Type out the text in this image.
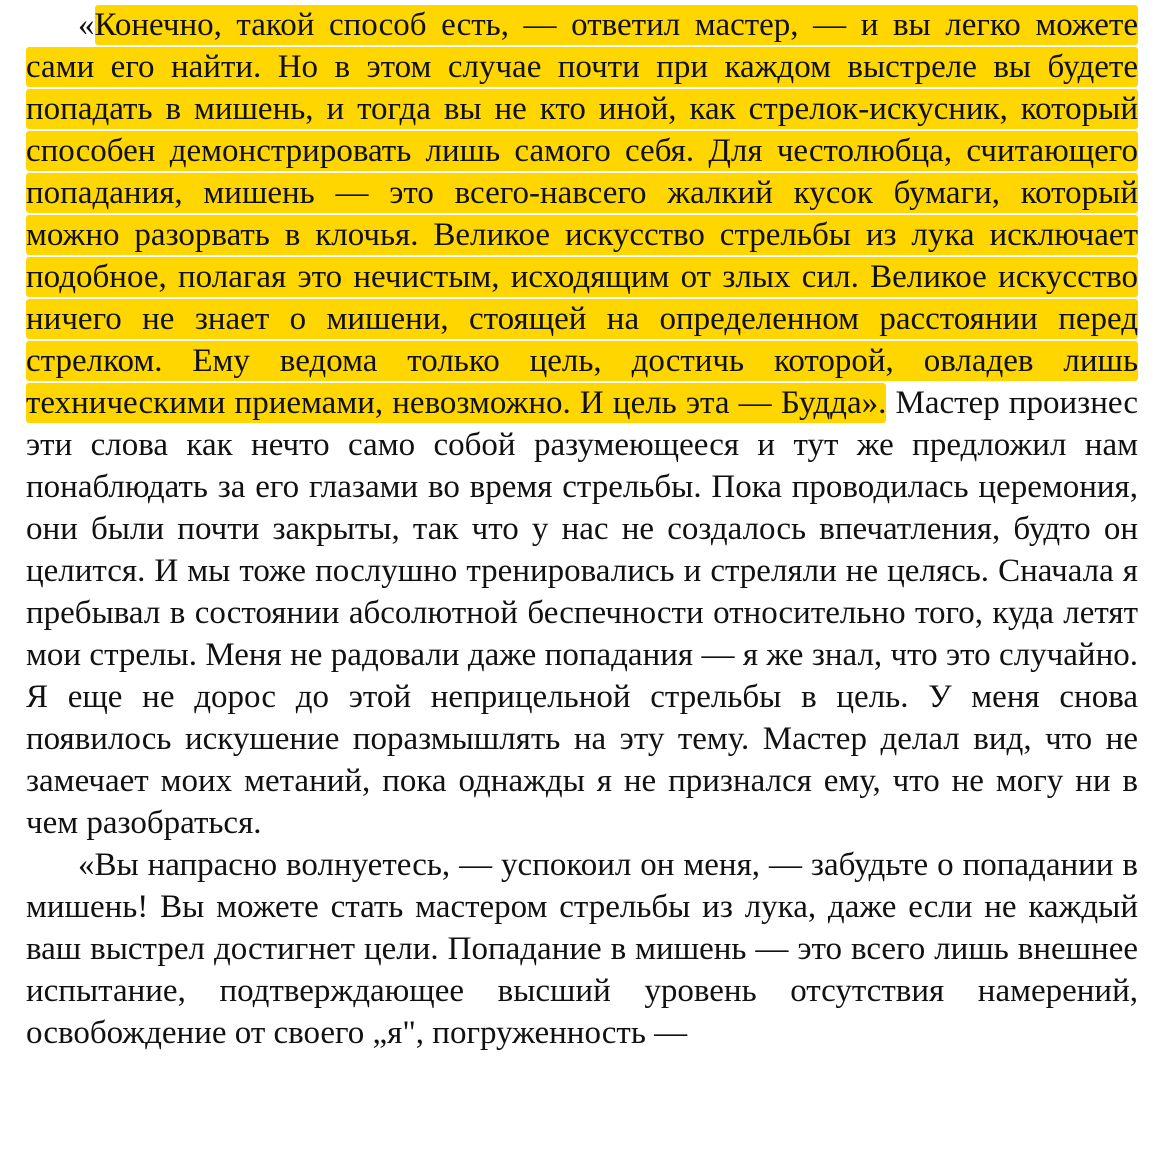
«Конечно, такой способ есть, — ответил мастер, — и вы легко можете сами его найти. Но в этом случае почти при каждом выстреле вы будете попадать в мишень, и тогда вы не кто иной, как стрелок-искусник, который способен демонстрировать лишь самого себя. Для честолюбца, считающего попадания, мишень — это всего-навсего жалкий кусок бумаги, который можно разорвать в клочья. Великое искусство стрельбы из лука исключает подобное, полагая это нечистым, исходящим от злых сил. Великое искусство ничего не знает о мишени, стоящей на определенном расстоянии перед стрелком. Ему ведома только цель, достичь которой, овладев лишь техническими приемами, невозможно. И цель эта — Будда». Мастер произнес эти слова как нечто само собой разумеющееся и тут же предложил нам понаблюдать за его глазами во время стрельбы. Пока проводилась церемония, они были почти закрыты, так что у нас не создалось впечатления, будто он целится. И мы тоже послушно тренировались и стреляли не целясь. Сначала я пребывал в состоянии абсолютной беспечности относительно того, куда летят мои стрелы. Меня не радовали даже попадания — я же знал, что это случайно. Я еще не дорос до этой неприцельной стрельбы в цель. У меня снова появилось искушение поразмышлять на эту тему. Мастер делал вид, что не замечает моих метаний, пока однажды я не признался ему, что не могу ни в чем разобраться.

«Вы напрасно волнуетесь, — успокоил он меня, — забудьте о попадании в мишень! Вы можете стать мастером стрельбы из лука, даже если не каждый ваш выстрел достигнет цели. Попадание в мишень — это всего лишь внешнее испытание, подтверждающее высший уровень отсутствия намерений, освобождение от своего „я", погруженность —
